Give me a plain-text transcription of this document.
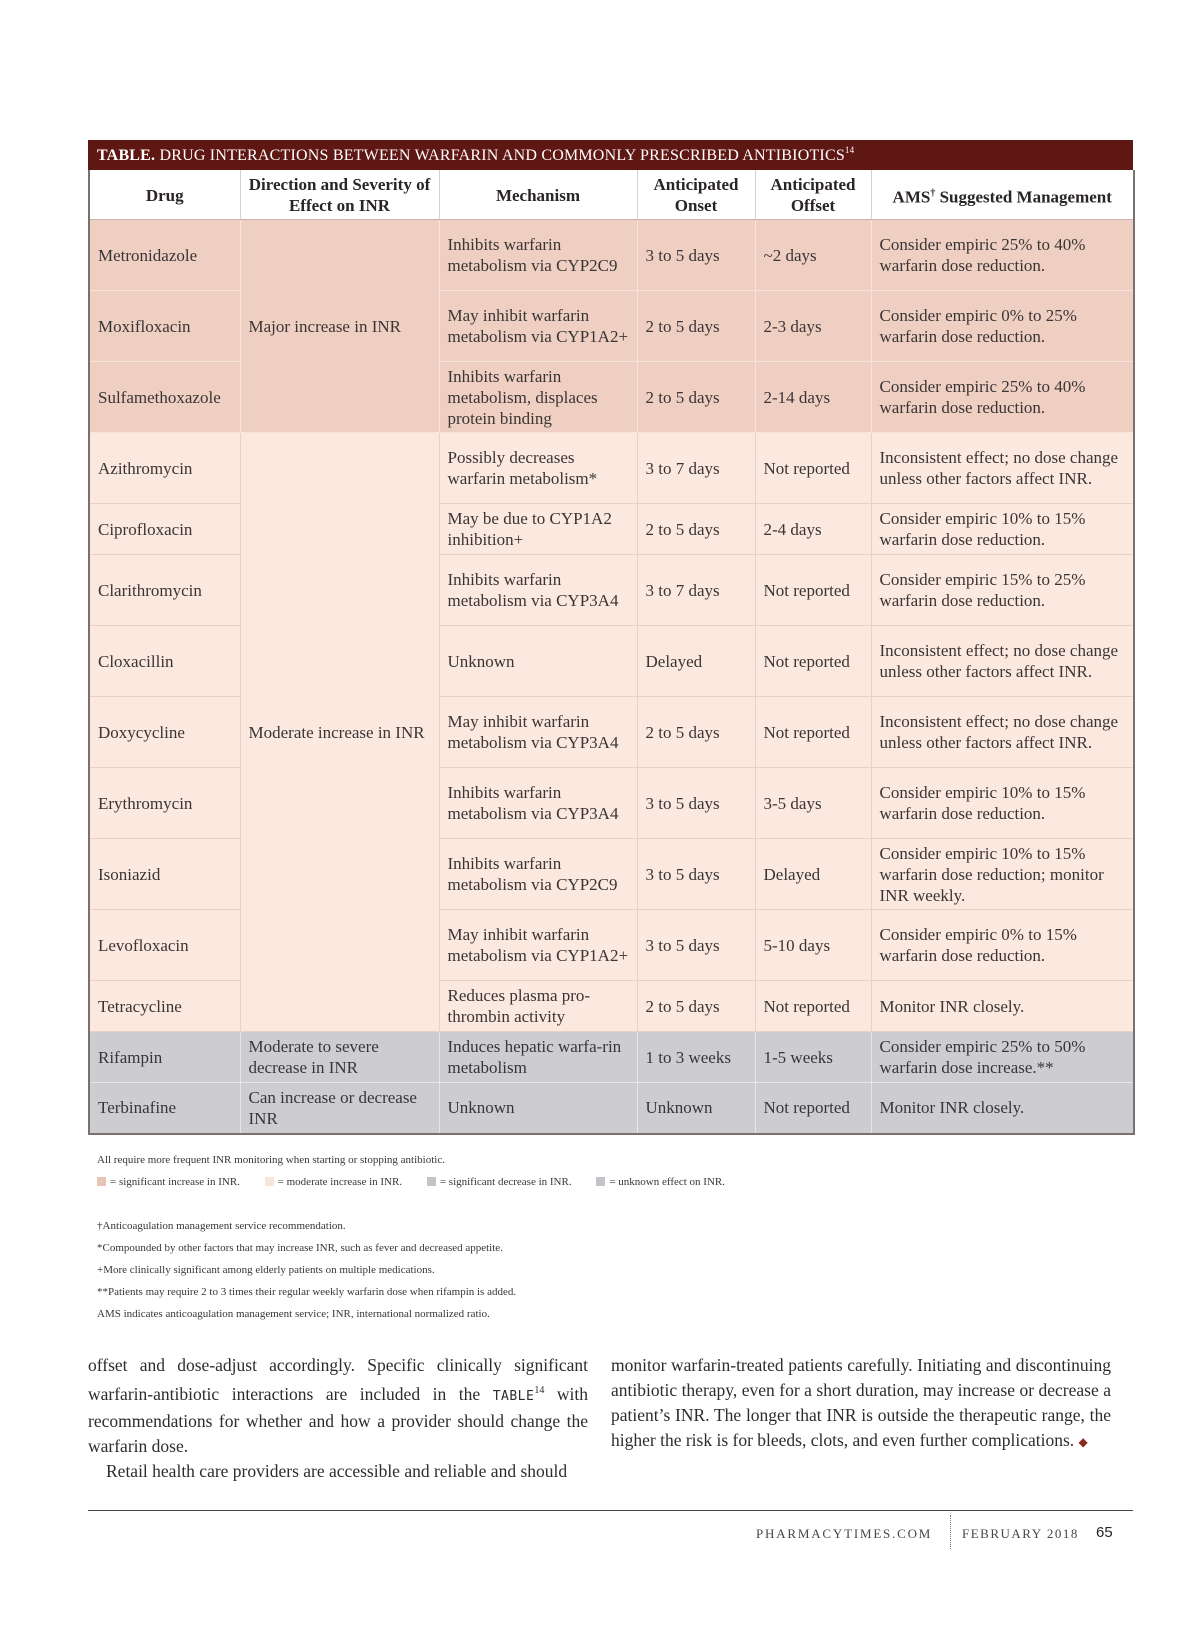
TABLE. DRUG INTERACTIONS BETWEEN WARFARIN AND COMMONLY PRESCRIBED ANTIBIOTICS$^{14}$
Drug	Direction and Severity of Effect on INR	Mechanism	Anticipated Onset	Anticipated Offset	AMS† Suggested Management
Metronidazole	Major increase in INR	Inhibits warfarin metabolism via CYP2C9	3 to 5 days	~2 days	Consider empiric 25% to 40% warfarin dose reduction.
Moxifloxacin		May inhibit warfarin metabolism via CYP1A2+	2 to 5 days	2-3 days	Consider empiric 0% to 25% warfarin dose reduction.
Sulfamethoxazole		Inhibits warfarin metabolism, displaces protein binding	2 to 5 days	2-14 days	Consider empiric 25% to 40% warfarin dose reduction.
Azithromycin	Moderate increase in INR	Possibly decreases warfarin metabolism*	3 to 7 days	Not reported	Inconsistent effect; no dose change unless other factors affect INR.
Ciprofloxacin		May be due to CYP1A2 inhibition+	2 to 5 days	2-4 days	Consider empiric 10% to 15% warfarin dose reduction.
Clarithromycin		Inhibits warfarin metabolism via CYP3A4	3 to 7 days	Not reported	Consider empiric 15% to 25% warfarin dose reduction.
Cloxacillin		Unknown	Delayed	Not reported	Inconsistent effect; no dose change unless other factors affect INR.
Doxycycline		May inhibit warfarin metabolism via CYP3A4	2 to 5 days	Not reported	Inconsistent effect; no dose change unless other factors affect INR.
Erythromycin		Inhibits warfarin metabolism via CYP3A4	3 to 5 days	3-5 days	Consider empiric 10% to 15% warfarin dose reduction.
Isoniazid		Inhibits warfarin metabolism via CYP2C9	3 to 5 days	Delayed	Consider empiric 10% to 15% warfarin dose reduction; monitor INR weekly.
Levofloxacin		May inhibit warfarin metabolism via CYP1A2+	3 to 5 days	5-10 days	Consider empiric 0% to 15% warfarin dose reduction.
Tetracycline		Reduces plasma pro-thrombin activity	2 to 5 days	Not reported	Monitor INR closely.
Rifampin	Moderate to severe decrease in INR	Induces hepatic warfa-rin metabolism	1 to 3 weeks	1-5 weeks	Consider empiric 25% to 50% warfarin dose increase.**
Terbinafine	Can increase or decrease INR	Unknown	Unknown	Not reported	Monitor INR closely.
All require more frequent INR monitoring when starting or stopping antibiotic.
= significant increase in INR.	= moderate increase in INR.	= significant decrease in INR.	= unknown effect on INR.
†Anticoagulation management service recommendation.
*Compounded by other factors that may increase INR, such as fever and decreased appetite.
+More clinically significant among elderly patients on multiple medications.
**Patients may require 2 to 3 times their regular weekly warfarin dose when rifampin is added.
AMS indicates anticoagulation management service; INR, international normalized ratio.

offset and dose-adjust accordingly. Specific clinically significant warfarin-antibiotic interactions are included in the TABLE$^{14}$ with recommendations for whether and how a provider should change the warfarin dose.

Retail health care providers are accessible and reliable and should

monitor warfarin-treated patients carefully. Initiating and discontinuing antibiotic therapy, even for a short duration, may increase or decrease a patient’s INR. The longer that INR is outside the therapeutic range, the higher the risk is for bleeds, clots, and even further complications. ◆

PHARMACYTIMES.COM FEBRUARY 2018 65
